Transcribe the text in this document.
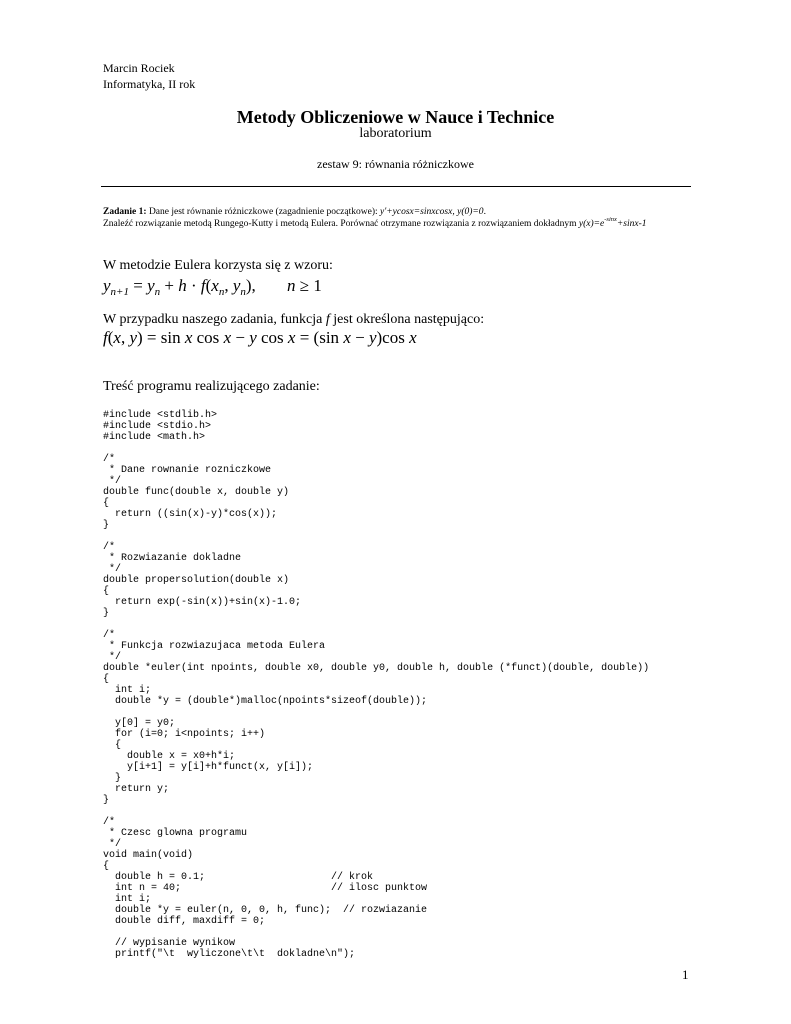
Marcin Rociek
Informatyka, II rok
Metody Obliczeniowe w Nauce i Technice
laboratorium
zestaw 9: równania różniczkowe
Zadanie 1: Dane jest równanie różniczkowe (zagadnienie początkowe): y'+ycosx=sinxcosx, y(0)=0.
Znaleźć rozwiązanie metodą Rungego-Kutty i metodą Eulera. Porównać otrzymane rozwiązania z rozwiązaniem dokładnym $y(x)=e^{-sinx}+\sin x-1$
W metodzie Eulera korzysta się z wzoru:
$y_{n+1} = y_n + h \cdot f(x_n$, $y_n$), n ≥ 1
W przypadku naszego zadania, funkcja f jest określona następująco:
f(x, y) = sin x cos x − y cos x = (sin x − y)cos x
Treść programu realizującego zadanie:
#include <stdlib.h>
#include <stdio.h>
#include <math.h>

/*
* Dane rownanie rozniczkowe
*/
double func(double x, double y)
{
return ((sin(x)-y)*cos(x));
}

/*
* Rozwiazanie dokladne
*/
double propersolution(double x)
{
return exp(-sin(x))+sin(x)-1.0;
}

/*
* Funkcja rozwiazujaca metoda Eulera
*/
double *euler(int npoints, double x0, double y0, double h, double (*funct)(double, double))
{
int i;
double *y = (double*)malloc(npoints*sizeof(double));

y[0] = y0;
for (i=0; i<npoints; i++)
{
double x = x0+h*i;
y[i+1] = y[i]+h*funct(x, y[i]);
}
return y;
}

/*
* Czesc glowna programu
*/
void main(void)
{
double h = 0.1;                     // krok
int n = 40;                         // ilosc punktow
int i;
double *y = euler(n, 0, 0, h, func);  // rozwiazanie
double diff, maxdiff = 0;

// wypisanie wynikow
printf("\t  wyliczone\t\t  dokladne\n");
1
